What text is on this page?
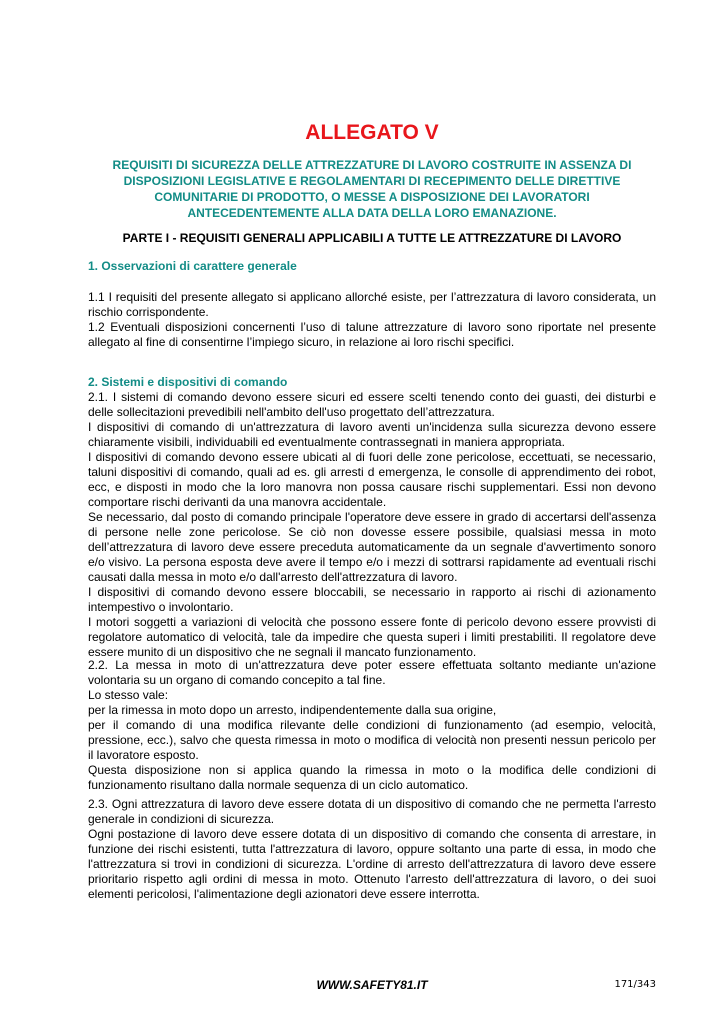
ALLEGATO V
REQUISITI DI SICUREZZA DELLE ATTREZZATURE DI LAVORO COSTRUITE IN ASSENZA DI DISPOSIZIONI LEGISLATIVE E REGOLAMENTARI DI RECEPIMENTO DELLE DIRETTIVE COMUNITARIE DI PRODOTTO, O MESSE A DISPOSIZIONE DEI LAVORATORI ANTECEDENTEMENTE ALLA DATA DELLA LORO EMANAZIONE.
PARTE I - REQUISITI GENERALI APPLICABILI A TUTTE LE ATTREZZATURE DI LAVORO
1. Osservazioni di carattere generale

1.1 I requisiti del presente allegato si applicano allorché esiste, per l’attrezzatura di lavoro considerata, un rischio corrispondente.

1.2 Eventuali disposizioni concernenti l’uso di talune attrezzature di lavoro sono riportate nel presente allegato al fine di consentirne l’impiego sicuro, in relazione ai loro rischi specifici.

2. Sistemi e dispositivi di comando

2.1. I sistemi di comando devono essere sicuri ed essere scelti tenendo conto dei guasti, dei disturbi e delle sollecitazioni prevedibili nell'ambito dell'uso progettato dell’attrezzatura.

I dispositivi di comando di un'attrezzatura di lavoro aventi un'incidenza sulla sicurezza devono essere chiaramente visibili, individuabili ed eventualmente contrassegnati in maniera appropriata.

I dispositivi di comando devono essere ubicati al di fuori delle zone pericolose, eccettuati, se necessario, taluni dispositivi di comando, quali ad es. gli arresti d emergenza, le consolle di apprendimento dei robot, ecc, e disposti in modo che la loro manovra non possa causare rischi supplementari. Essi non devono comportare rischi derivanti da una manovra accidentale.

Se necessario, dal posto di comando principale l'operatore deve essere in grado di accertarsi dell'assenza di persone nelle zone pericolose. Se ciò non dovesse essere possibile, qualsiasi messa in moto dell’attrezzatura di lavoro deve essere preceduta automaticamente da un segnale d'avvertimento sonoro e/o visivo. La persona esposta deve avere il tempo e/o i mezzi di sottrarsi rapidamente ad eventuali rischi causati dalla messa in moto e/o dall'arresto dell'attrezzatura di lavoro.

I dispositivi di comando devono essere bloccabili, se necessario in rapporto ai rischi di azionamento intempestivo o involontario.

I motori soggetti a variazioni di velocità che possono essere fonte di pericolo devono essere provvisti di regolatore automatico di velocità, tale da impedire che questa superi i limiti prestabiliti. Il regolatore deve essere munito di un dispositivo che ne segnali il mancato funzionamento.

2.2. La messa in moto di un'attrezzatura deve poter essere effettuata soltanto mediante un'azione volontaria su un organo di comando concepito a tal fine.

Lo stesso vale:

per la rimessa in moto dopo un arresto, indipendentemente dalla sua origine,

per il comando di una modifica rilevante delle condizioni di funzionamento (ad esempio, velocità, pressione, ecc.), salvo che questa rimessa in moto o modifica di velocità non presenti nessun pericolo per il lavoratore esposto.

Questa disposizione non si applica quando la rimessa in moto o la modifica delle condizioni di funzionamento risultano dalla normale sequenza di un ciclo automatico.

2.3. Ogni attrezzatura di lavoro deve essere dotata di un dispositivo di comando che ne permetta l'arresto generale in condizioni di sicurezza.

Ogni postazione di lavoro deve essere dotata di un dispositivo di comando che consenta di arrestare, in funzione dei rischi esistenti, tutta l'attrezzatura di lavoro, oppure soltanto una parte di essa, in modo che l'attrezzatura si trovi in condizioni di sicurezza. L'ordine di arresto dell'attrezzatura di lavoro deve essere prioritario rispetto agli ordini di messa in moto. Ottenuto l'arresto dell'attrezzatura di lavoro, o dei suoi elementi pericolosi, l'alimentazione degli azionatori deve essere interrotta.

WWW.SAFETY81.IT	171/343
